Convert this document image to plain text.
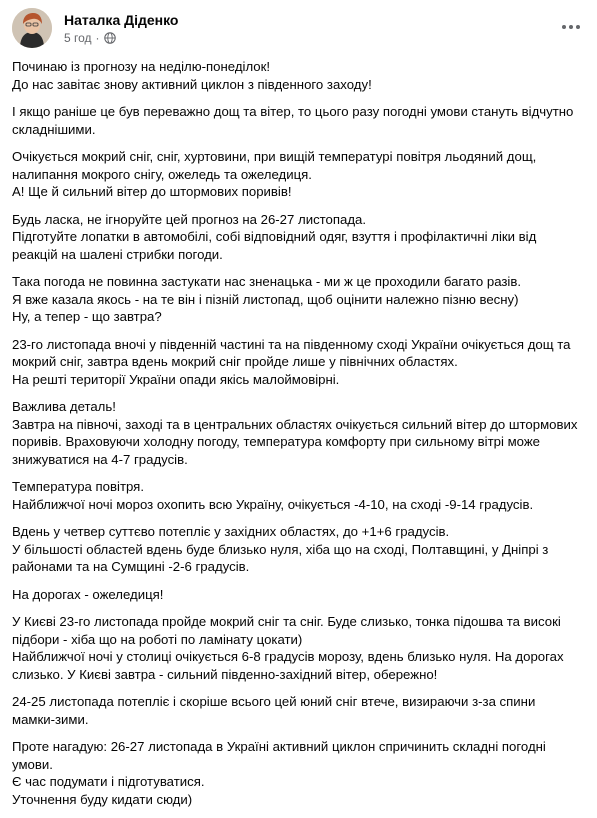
Наталка Діденко
5 год ·
Починаю із прогнозу на неділю-понеділок!
До нас завітає знову активний циклон з південного заходу!
І якщо раніше це був переважно дощ та вітер, то цього разу погодні умови стануть відчутно
складнішими.
Очікується мокрий сніг, сніг, хуртовини, при вищій температурі повітря льодяний дощ,
налипання мокрого снігу, ожеледь та ожеледиця.
А! Ще й сильний вітер до штормових поривів!
Будь ласка, не ігноруйте цей прогноз на 26-27 листопада.
Підготуйте лопатки в автомобілі, собі відповідний одяг, взуття і профілактичні ліки від
реакцій на шалені стрибки погоди.
Така погода не повинна застукати нас зненацька - ми ж це проходили багато разів.
Я вже казала якось - на те він і пізній листопад, щоб оцінити належно пізню весну)
Ну, а тепер - що завтра?
23-го листопада вночі у південній частині та на південному сході України очікується дощ та
мокрий сніг, завтра вдень мокрий сніг пройде лише у північних областях.
На решті території України опади якісь малоймовірні.
Важлива деталь!
Завтра на півночі, заході та в центральних областях очікується сильний вітер до штормових
поривів. Враховуючи холодну погоду, температура комфорту при сильному вітрі може
знижуватися на 4-7 градусів.
Температура повітря.
Найближчої ночі мороз охопить всю Україну, очікується -4-10, на сході -9-14 градусів.
Вдень у четвер суттєво потепліє у західних областях, до +1+6 градусів.
У більшості областей вдень буде близько нуля, хіба що на сході, Полтавщині, у Дніпрі з
районами та на Сумщині -2-6 градусів.
На дорогах - ожеледиця!
У Києві 23-го листопада пройде мокрий сніг та сніг. Буде слизько, тонка підошва та високі
підбори - хіба що на роботі по ламінату цокати)
Найближчої ночі у столиці очікується 6-8 градусів морозу, вдень близько нуля. На дорогах
слизько. У Києві завтра - сильний південно-західний вітер, обережно!
24-25 листопада потепліє і скоріше всього цей юний сніг втече, визираючи з-за спини
мамки-зими.
Проте нагадую: 26-27 листопада в Україні активний циклон спричинить складні погодні
умови.
Є час подумати і підготуватися.
Уточнення буду кидати сюди)
